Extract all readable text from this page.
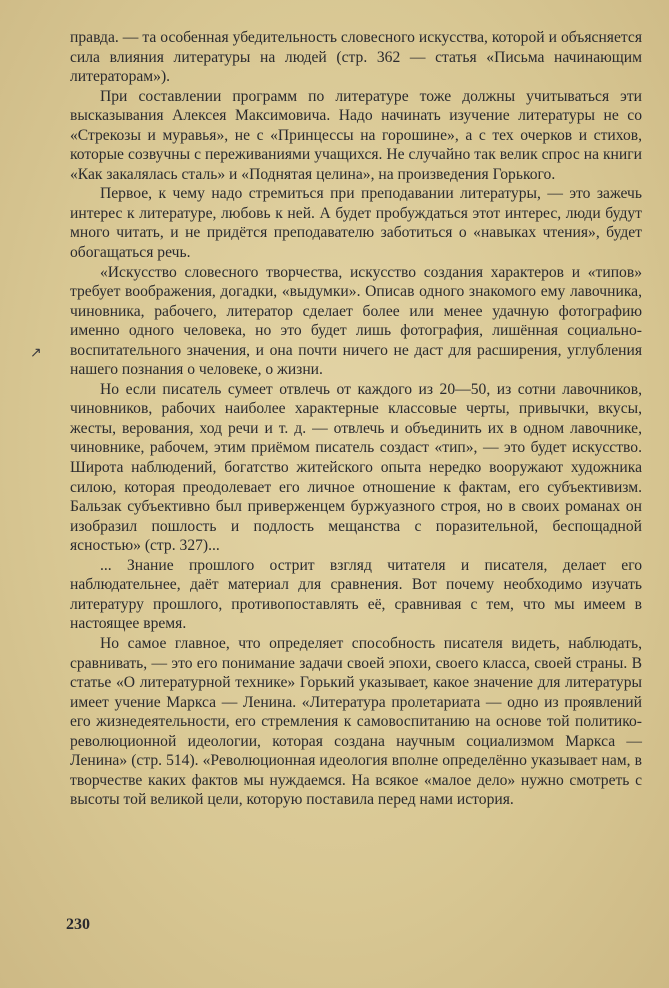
правда. — та особенная убедительность словесного искусства, которой и объясняется сила влияния литературы на людей (стр. 362 — статья «Письма начинающим литераторам»).

При составлении программ по литературе тоже должны учитываться эти высказывания Алексея Максимовича. Надо начинать изучение литературы не со «Стрекозы и муравья», не с «Принцессы на горошине», а с тех очерков и стихов, которые созвучны с переживаниями учащихся. Не случайно так велик спрос на книги «Как закалялась сталь» и «Поднятая целина», на произведения Горького.

Первое, к чему надо стремиться при преподавании литературы, — это зажечь интерес к литературе, любовь к ней. А будет пробуждаться этот интерес, люди будут много читать, и не придётся преподавателю заботиться о «навыках чтения», будет обогащаться речь.

«Искусство словесного творчества, искусство создания характеров и «типов» требует воображения, догадки, «выдумки». Описав одного знакомого ему лавочника, чиновника, рабочего, литератор сделает более или менее удачную фотографию именно одного человека, но это будет лишь фотография, лишённая социально-воспитательного значения, и она почти ничего не даст для расширения, углубления нашего познания о человеке, о жизни.

Но если писатель сумеет отвлечь от каждого из 20—50, из сотни лавочников, чиновников, рабочих наиболее характерные классовые черты, привычки, вкусы, жесты, верования, ход речи и т. д. — отвлечь и объединить их в одном лавочнике, чиновнике, рабочем, этим приёмом писатель создаст «тип», — это будет искусство. Широта наблюдений, богатство житейского опыта нередко вооружают художника силою, которая преодолевает его личное отношение к фактам, его субъективизм. Бальзак субъективно был приверженцем буржуазного строя, но в своих романах он изобразил пошлость и подлость мещанства с поразительной, беспощадной ясностью» (стр. 327)...

... Знание прошлого острит взгляд читателя и писателя, делает его наблюдательнее, даёт материал для сравнения. Вот почему необходимо изучать литературу прошлого, противопоставлять её, сравнивая с тем, что мы имеем в настоящее время.

Но самое главное, что определяет способность писателя видеть, наблюдать, сравнивать, — это его понимание задачи своей эпохи, своего класса, своей страны. В статье «О литературной технике» Горький указывает, какое значение для литературы имеет учение Маркса — Ленина. «Литература пролетариата — одно из проявлений его жизнедеятельности, его стремления к самовоспитанию на основе той политико-революционной идеологии, которая создана научным социализмом Маркса — Ленина» (стр. 514). «Революционная идеология вполне определённо указывает нам, в творчестве каких фактов мы нуждаемся. На всякое «малое дело» нужно смотреть с высоты той великой цели, которую поставила перед нами история.

↗
230
